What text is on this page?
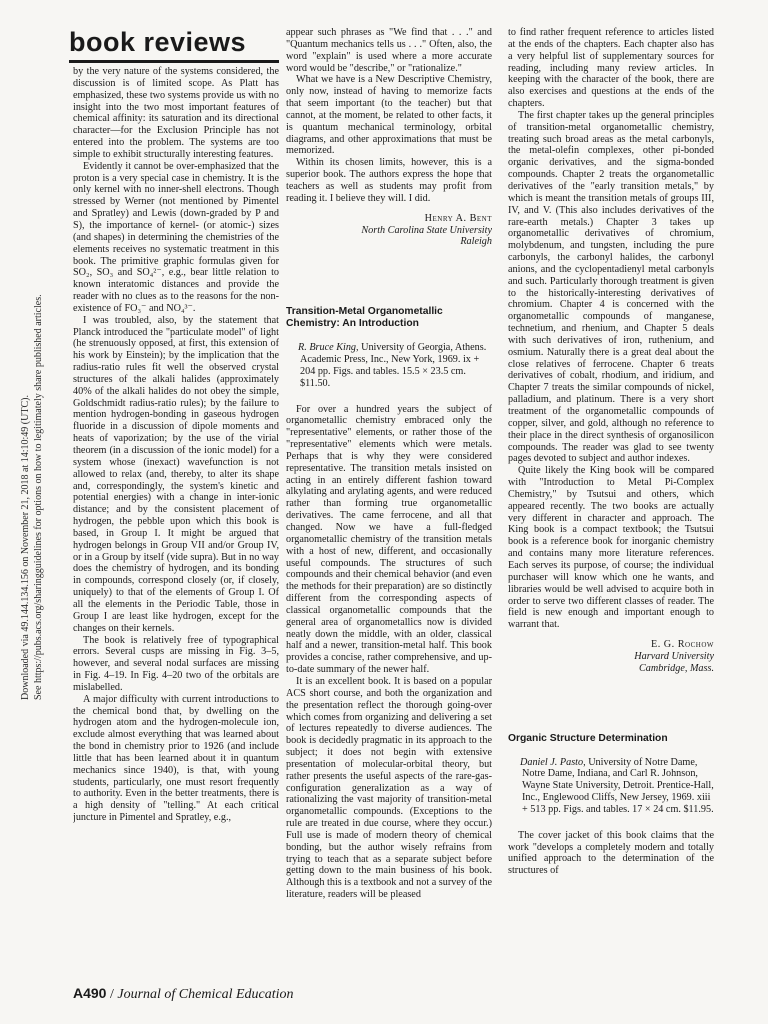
book reviews
Downloaded via 49.144.134.156 on November 21, 2018 at 14:10:49 (UTC). See https://pubs.acs.org/sharingguidelines for options on how to legitimately share published articles.

by the very nature of the systems considered, the discussion is of limited scope. As Platt has emphasized, these two systems provide us with no insight into the two most important features of chemical affinity: its saturation and its directional character—for the Exclusion Principle has not entered into the problem. The systems are too simple to exhibit structurally interesting features.

Evidently it cannot be over-emphasized that the proton is a very special case in chemistry. It is the only kernel with no inner-shell electrons. Though stressed by Werner (not mentioned by Pimentel and Spratley) and Lewis (down-graded by P and S), the importance of kernel- (or atomic-) sizes (and shapes) in determining the chemistries of the elements receives no systematic treatment in this book. The primitive graphic formulas given for SO₂, SO₃ and SO₄²⁻, e.g., bear little relation to known interatomic distances and provide the reader with no clues as to the reasons for the non-existence of FO₃⁻ and NO₄³⁻.

I was troubled, also, by the statement that Planck introduced the "particulate model" of light (he strenuously opposed, at first, this extension of his work by Einstein); by the implication that the radius-ratio rules fit well the observed crystal structures of the alkali halides (approximately 40% of the alkali halides do not obey the simple, Goldschmidt radius-ratio rules); by the failure to mention hydrogen-bonding in gaseous hydrogen fluoride in a discussion of dipole moments and heats of vaporization; by the use of the virial theorem (in a discussion of the ionic model) for a system whose (inexact) wavefunction is not allowed to relax (and, thereby, to alter its shape and, correspondingly, the system's kinetic and potential energies) with a change in inter-ionic distance; and by the consistent placement of hydrogen, the pebble upon which this book is based, in Group I. It might be argued that hydrogen belongs in Group VII and/or Group IV, or in a Group by itself (vide supra). But in no way does the chemistry of hydrogen, and its bonding in compounds, correspond closely (or, if closely, uniquely) to that of the elements of Group I. Of all the elements in the Periodic Table, those in Group I are least like hydrogen, except for the changes on their kernels.

The book is relatively free of typographical errors. Several cusps are missing in Fig. 3–5, however, and several nodal surfaces are missing in Fig. 4–19. In Fig. 4–20 two of the orbitals are mislabelled.

A major difficulty with current introductions to the chemical bond that, by dwelling on the hydrogen atom and the hydrogen-molecule ion, exclude almost everything that was learned about the bond in chemistry prior to 1926 (and include little that has been learned about it in quantum mechanics since 1940), is that, with young students, particularly, one must resort frequently to authority. Even in the better treatments, there is a high density of "telling." At each critical juncture in Pimentel and Spratley, e.g.,

appear such phrases as "We find that . . ." and "Quantum mechanics tells us . . ." Often, also, the word "explain" is used where a more accurate word would be "describe," or "rationalize."

What we have is a New Descriptive Chemistry, only now, instead of having to memorize facts that seem important (to the teacher) but that cannot, at the moment, be related to other facts, it is quantum mechanical terminology, orbital diagrams, and other approximations that must be memorized.

Within its chosen limits, however, this is a superior book. The authors express the hope that teachers as well as students may profit from reading it. I believe they will. I did.

Henry A. Bent
North Carolina State University
Raleigh
Transition-Metal Organometallic Chemistry: An Introduction
R. Bruce King, University of Georgia, Athens. Academic Press, Inc., New York, 1969. ix + 204 pp. Figs. and tables. 15.5 × 23.5 cm. $11.50.

For over a hundred years the subject of organometallic chemistry embraced only the "representative" elements, or rather those of the "representative" elements which were metals. Perhaps that is why they were considered representative. The transition metals insisted on acting in an entirely different fashion toward alkylating and arylating agents, and were reduced rather than forming true organometallic derivatives. The came ferrocene, and all that changed. Now we have a full-fledged organometallic chemistry of the transition metals with a host of new, different, and occasionally useful compounds. The structures of such compounds and their chemical behavior (and even the methods for their preparation) are so distinctly different from the corresponding aspects of classical organometallic compounds that the general area of organometallics now is divided neatly down the middle, with an older, classical half and a newer, transition-metal half. This book provides a concise, rather comprehensive, and up-to-date summary of the newer half.

It is an excellent book. It is based on a popular ACS short course, and both the organization and the presentation reflect the thorough going-over which comes from organizing and delivering a set of lectures repeatedly to diverse audiences. The book is decidedly pragmatic in its approach to the subject; it does not begin with extensive presentation of molecular-orbital theory, but rather presents the useful aspects of the rare-gas-configuration generalization as a way of rationalizing the vast majority of transition-metal organometallic compounds. (Exceptions to the rule are treated in due course, where they occur.) Full use is made of modern theory of chemical bonding, but the author wisely refrains from trying to teach that as a separate subject before getting down to the main business of his book. Although this is a textbook and not a survey of the literature, readers will be pleased

to find rather frequent reference to articles listed at the ends of the chapters. Each chapter also has a very helpful list of supplementary sources for reading, including many review articles. In keeping with the character of the book, there are also exercises and questions at the ends of the chapters.

The first chapter takes up the general principles of transition-metal organometallic chemistry, treating such broad areas as the metal carbonyls, the metal-olefin complexes, other pi-bonded organic derivatives, and the sigma-bonded compounds. Chapter 2 treats the organometallic derivatives of the "early transition metals," by which is meant the transition metals of groups III, IV, and V. (This also includes derivatives of the rare-earth metals.) Chapter 3 takes up organometallic derivatives of chromium, molybdenum, and tungsten, including the pure carbonyls, the carbonyl halides, the carbonyl anions, and the cyclopentadienyl metal carbonyls and such. Particularly thorough treatment is given to the historically-interesting derivatives of chromium. Chapter 4 is concerned with the organometallic compounds of manganese, technetium, and rhenium, and Chapter 5 deals with such derivatives of iron, ruthenium, and osmium. Naturally there is a great deal about the close relatives of ferrocene. Chapter 6 treats derivatives of cobalt, rhodium, and iridium, and Chapter 7 treats the similar compounds of nickel, palladium, and platinum. There is a very short treatment of the organometallic compounds of copper, silver, and gold, although no reference to their place in the direct synthesis of organosilicon compounds. The reader was glad to see twenty pages devoted to subject and author indexes.

Quite likely the King book will be compared with "Introduction to Metal Pi-Complex Chemistry," by Tsutsui and others, which appeared recently. The two books are actually very different in character and approach. The King book is a compact textbook; the Tsutsui book is a reference book for inorganic chemistry and contains many more literature references. Each serves its purpose, of course; the individual purchaser will know which one he wants, and libraries would be well advised to acquire both in order to serve two different classes of reader. The field is new enough and important enough to warrant that.

E. G. Rochow
Harvard University
Cambridge, Mass.
Organic Structure Determination
Daniel J. Pasto, University of Notre Dame, Notre Dame, Indiana, and Carl R. Johnson, Wayne State University, Detroit. Prentice-Hall, Inc., Englewood Cliffs, New Jersey, 1969. xiii + 513 pp. Figs. and tables. 17 × 24 cm. $11.95.

The cover jacket of this book claims that the work "develops a completely modern and totally unified approach to the determination of the structures of

A490 / Journal of Chemical Education
